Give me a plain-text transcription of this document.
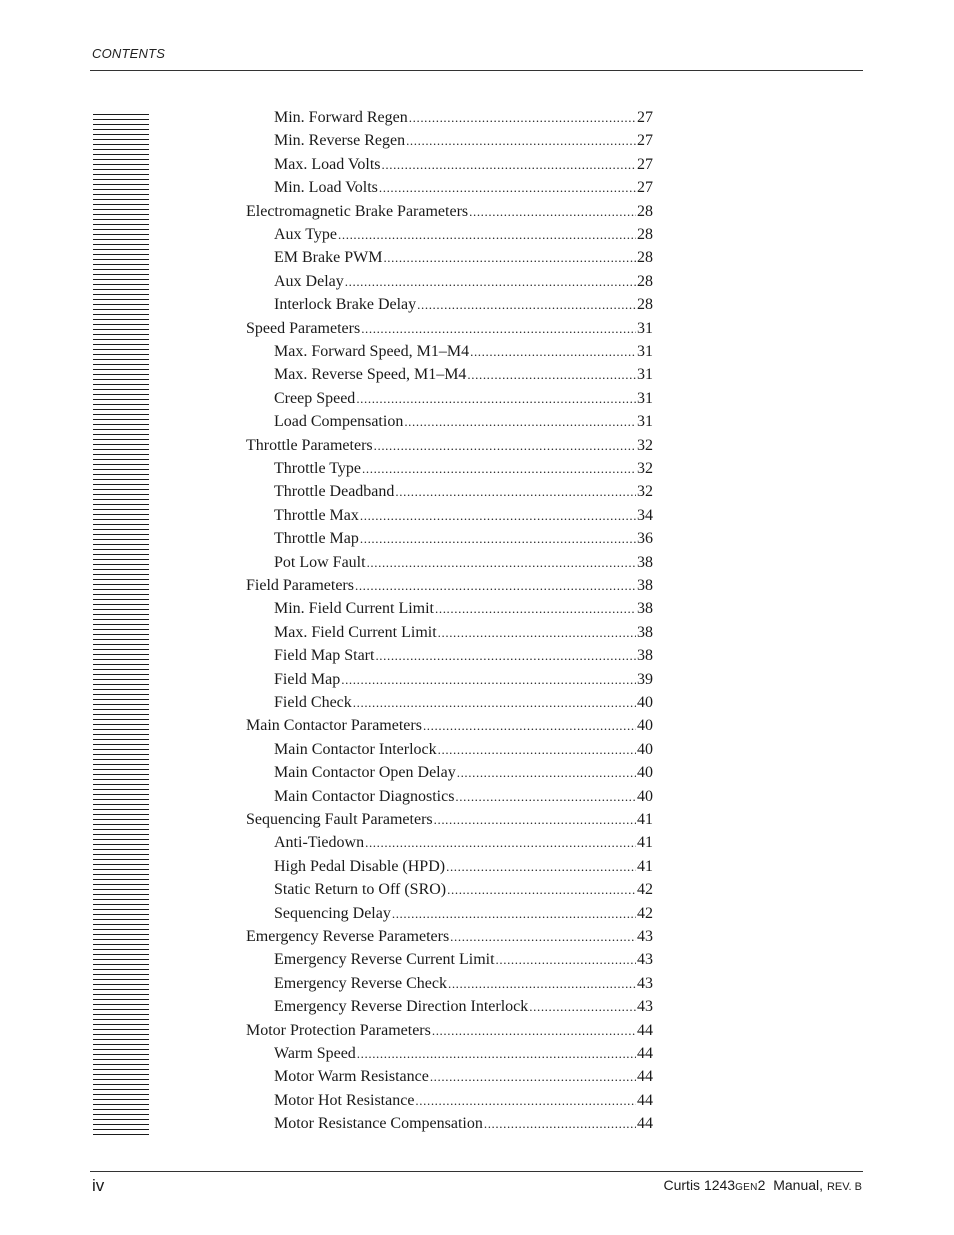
CONTENTS
Min. Forward Regen .....	27
Min. Reverse Regen .....	27
Max. Load Volts .....	27
Min. Load Volts .....	27
Electromagnetic Brake Parameters .....	28
Aux Type .....	28
EM Brake PWM .....	28
Aux Delay .....	28
Interlock Brake Delay .....	28
Speed Parameters .....	31
Max. Forward Speed, M1–M4 .....	31
Max. Reverse Speed, M1–M4 .....	31
Creep Speed .....	31
Load Compensation .....	31
Throttle Parameters .....	32
Throttle Type .....	32
Throttle Deadband .....	32
Throttle Max .....	34
Throttle Map .....	36
Pot Low Fault .....	38
Field Parameters .....	38
Min. Field Current Limit .....	38
Max. Field Current Limit .....	38
Field Map Start .....	38
Field Map .....	39
Field Check .....	40
Main Contactor Parameters .....	40
Main Contactor Interlock .....	40
Main Contactor Open Delay .....	40
Main Contactor Diagnostics .....	40
Sequencing Fault Parameters .....	41
Anti-Tiedown .....	41
High Pedal Disable (HPD) .....	41
Static Return to Off (SRO) .....	42
Sequencing Delay .....	42
Emergency Reverse Parameters .....	43
Emergency Reverse Current Limit .....	43
Emergency Reverse Check .....	43
Emergency Reverse Direction Interlock .....	43
Motor Protection Parameters .....	44
Warm Speed .....	44
Motor Warm Resistance .....	44
Motor Hot Resistance .....	44
Motor Resistance Compensation .....	44
iv	Curtis 1243GEN2  Manual, REV. B
